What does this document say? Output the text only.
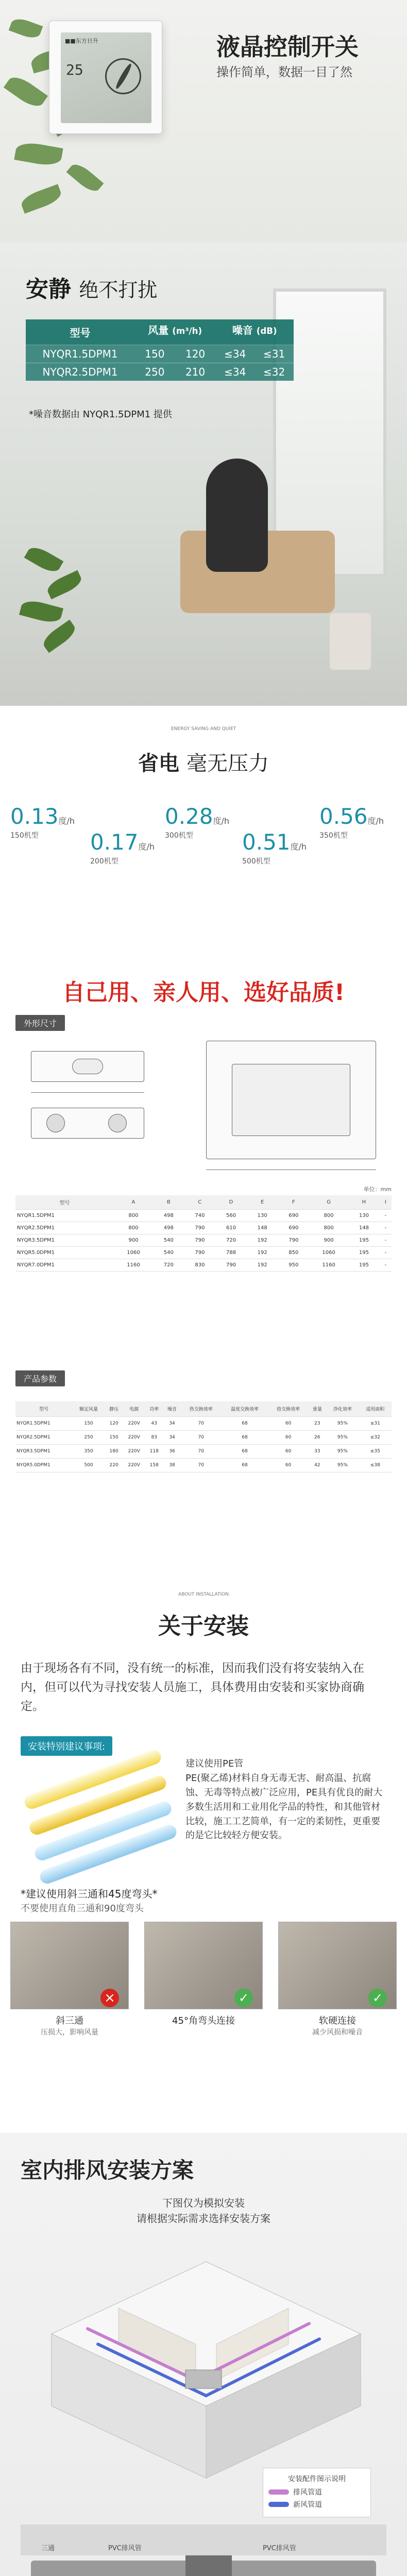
■■东方日升
25
液晶控制开关
操作简单，数据一目了然
安静 绝不打扰
型号	风量 (m³/h)		噪音 (dB)	

NYQR1.5DPM1	150	120	≤34	≤31
NYQR2.5DPM1	250	210	≤34	≤32
*噪音数据由 NYQR1.5DPM1 提供
ENERGY SAVING AND QUIET
省电 毫无压力
0.13度/h
150机型	0.17度/h
200机型
0.28度/h
300机型	0.51度/h
500机型
0.56度/h
350机型
自己用、亲人用、选好品质!
外形尺寸
单位：mm
型号	A	B	C	D	E	F	G	H	I
NYQR1.5DPM1	800	498	740	560	130	690	800	130	-
NYQR2.5DPM1	800	498	790	610	148	690	800	148	-
NYQR3.5DPM1	900	540	790	720	192	790	900	195	-
NYQR5.0DPM1	1060	540	790	788	192	850	1060	195	-
NYQR7.0DPM1	1160	720	830	790	192	950	1160	195	-
产品参数
型号	额定风量	静压	电源	功率	噪音	热交换效率	温度交换效率	焓交换效率	重量	净化效率	适用面积
NYQR1.5DPM1	150	120	220V	43	34	70	68	60	23	95%	≤31
NYQR2.5DPM1	250	150	220V	83	34	70	68	60	26	95%	≤32
NYQR3.5DPM1	350	180	220V	118	36	70	68	60	33	95%	≤35
NYQR5.0DPM1	500	220	220V	158	38	70	68	60	42	95%	≤38
ABOUT INSTALLATION
关于安装
由于现场各有不同，没有统一的标准，因而我们没有将安装纳入在内，但可以代为寻找安装人员施工，具体费用由安装和买家协商确定。
安装特别建议事项:
建议使用PE管
PE(聚乙烯)材料自身无毒无害、耐高温、抗腐蚀、无毒等特点被广泛应用，PE具有优良的耐大多数生活用和工业用化学品的特性，和其他管材比较，施工工艺简单，有一定的柔韧性，更重要的是它比较轻方便安装。
*建议使用斜三通和45度弯头*
不要使用直角三通和90度弯头
×	✓	✓
斜三通	45°角弯头连接	软硬连接
压损大，影响风量	减少风损和噪音
室内排风安装方案
下图仅为模拟安装
请根据实际需求选择安装方案
安装配件图示说明
排风管道
新风管道
三通	PVC排风管	PVC排风管
